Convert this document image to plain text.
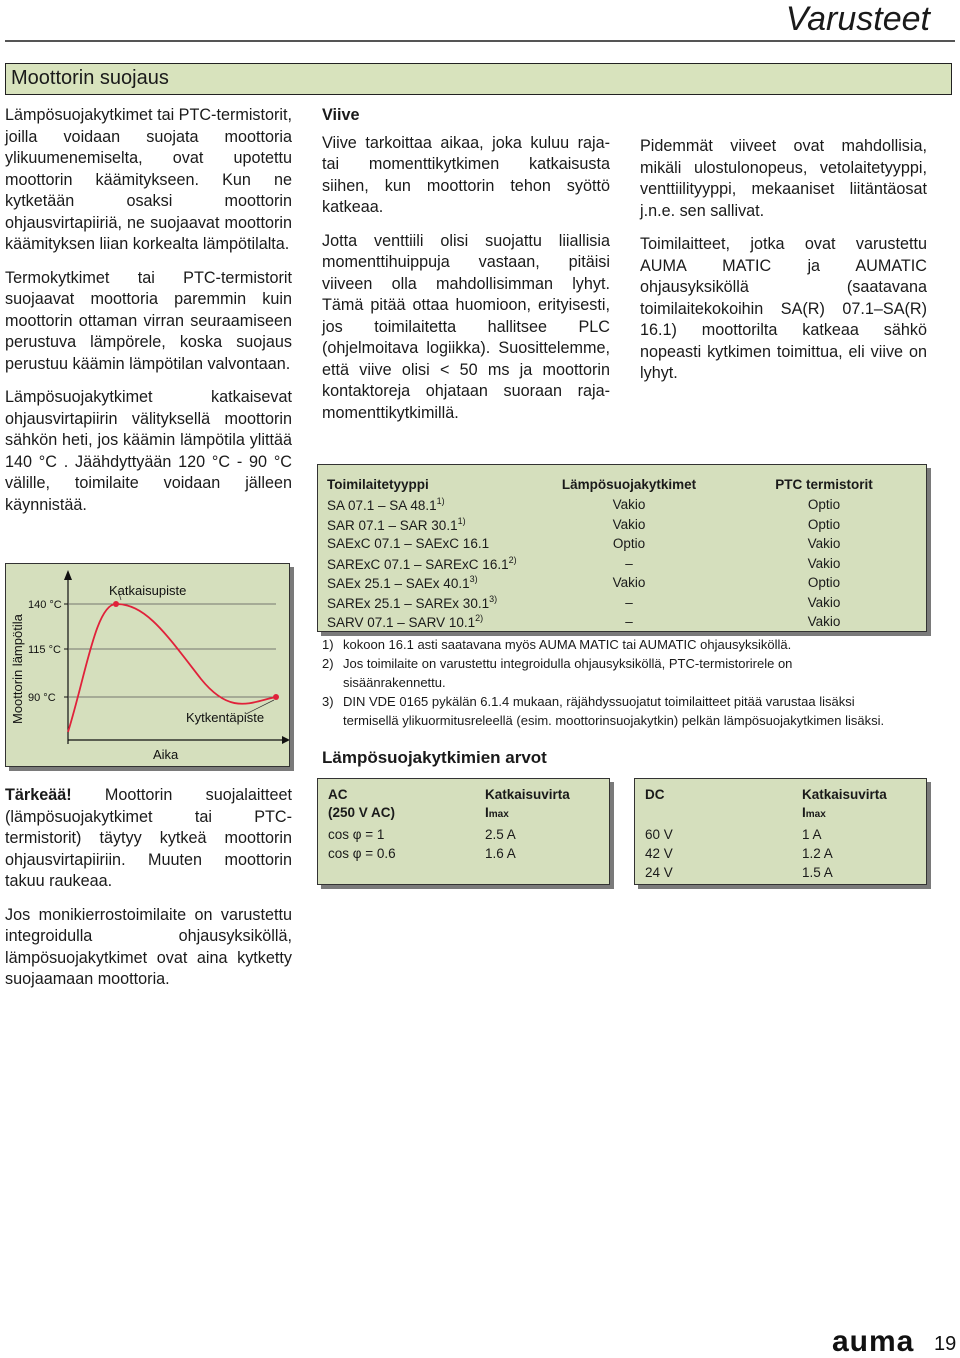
Varusteet
Moottorin suojaus

Lämpösuojakytkimet tai PTC-termistorit, joilla voidaan suojata moottoria ylikuumenemiselta, ovat upotettu moottorin käämitykseen. Kun ne kytketään osaksi moottorin ohjausvirtapiiriä, ne suojaavat moottorin käämityksen liian korkealta lämpötilalta.

Termokytkimet tai PTC-termistorit suojaavat moottoria paremmin kuin moottorin ottaman virran seuraamiseen perustuva lämpörele, koska suojaus perustuu käämin lämpötilan valvontaan.

Lämpösuojakytkimet katkaisevat ohjausvirtapiirin välityksellä moottorin sähkön heti, jos käämin lämpötila ylittää 140 °C . Jäähdyttyään 120 °C - 90 °C välille, toimilaite voidaan jälleen käynnistää.

140 °C
115 °C
90 °C
Katkaisupiste
Kytkentäpiste
Aika
Moottorin lämpötila

Tärkeää! Moottorin suojalaitteet (lämpösuojakytkimet tai PTC-termistorit) täytyy kytkeä moottorin ohjausvirtapiiriin. Muuten moottorin takuu raukeaa.

Jos monikierrostoimilaite on varustettu integroidulla ohjausyksiköllä, lämpösuojakytkimet ovat aina kytketty suojaamaan moottoria.

Viive

Viive tarkoittaa aikaa, joka kuluu raja- tai momenttikytkimen katkaisusta siihen, kun moottorin tehon syöttö katkeaa.

Jotta venttiili olisi suojattu liiallisia momenttihuippuja vastaan, pitäisi viiveen olla mahdollisimman lyhyt. Tämä pitää ottaa huomioon, erityisesti, jos toimilaitetta hallitsee PLC (ohjelmoitava logiikka). Suosittelemme, että viive olisi < 50 ms ja moottorin kontaktoreja ohjataan suoraan raja- momenttikytkimillä.

Pidemmät viiveet ovat mahdollisia, mikäli ulostulonopeus, vetolaitetyyppi, venttiilityyppi, mekaaniset liitäntäosat j.n.e. sen sallivat.

Toimilaitteet, jotka ovat varustettu AUMA MATIC ja AUMATIC ohjausyksiköllä (saatavana toimilaitekokoihin SA(R) 07.1–SA(R) 16.1) moottorilta katkeaa sähkö nopeasti kytkimen toimittua, eli viive on lyhyt.

Toimilaitetyyppi	Lämpösuojakytkimet	PTC termistorit
SA 07.1 – SA 48.1$^{1)}$	Vakio	Optio
SAR 07.1 – SAR 30.1$^{1)}$	Vakio	Optio
SAExC 07.1 – SAExC 16.1	Optio	Vakio
SARExC 07.1 – SARExC 16.1$^{2)}$	–	Vakio
SAEx 25.1 – SAEx 40.1$^{3)}$	Vakio	Optio
SAREx 25.1 – SAREx 30.1$^{3)}$	–	Vakio
SARV 07.1 – SARV 10.1$^{2)}$	–	Vakio

1) kokoon 16.1 asti saatavana myös AUMA MATIC tai AUMATIC ohjausyksiköllä.

2) Jos toimilaite on varustettu integroidulla ohjausyksiköllä, PTC-termistorirele on

sisäänrakennettu.

3) DIN VDE 0165 pykälän 6.1.4 mukaan, räjähdyssuojatut toimilaitteet pitää varustaa lisäksi

termisellä ylikuormitusreleellä (esim. moottorinsuojakytkin) pelkän lämpösuojakytkimen lisäksi.

Lämpösuojakytkimien arvot
AC
(250 V AC)	Katkaisuvirta
Imax
cos φ = 1	2.5 A
cos φ = 0.6	1.6 A
DC	Katkaisuvirta
Imax
60 V	1 A
42 V	1.2 A
24 V	1.5 A
auma 19
